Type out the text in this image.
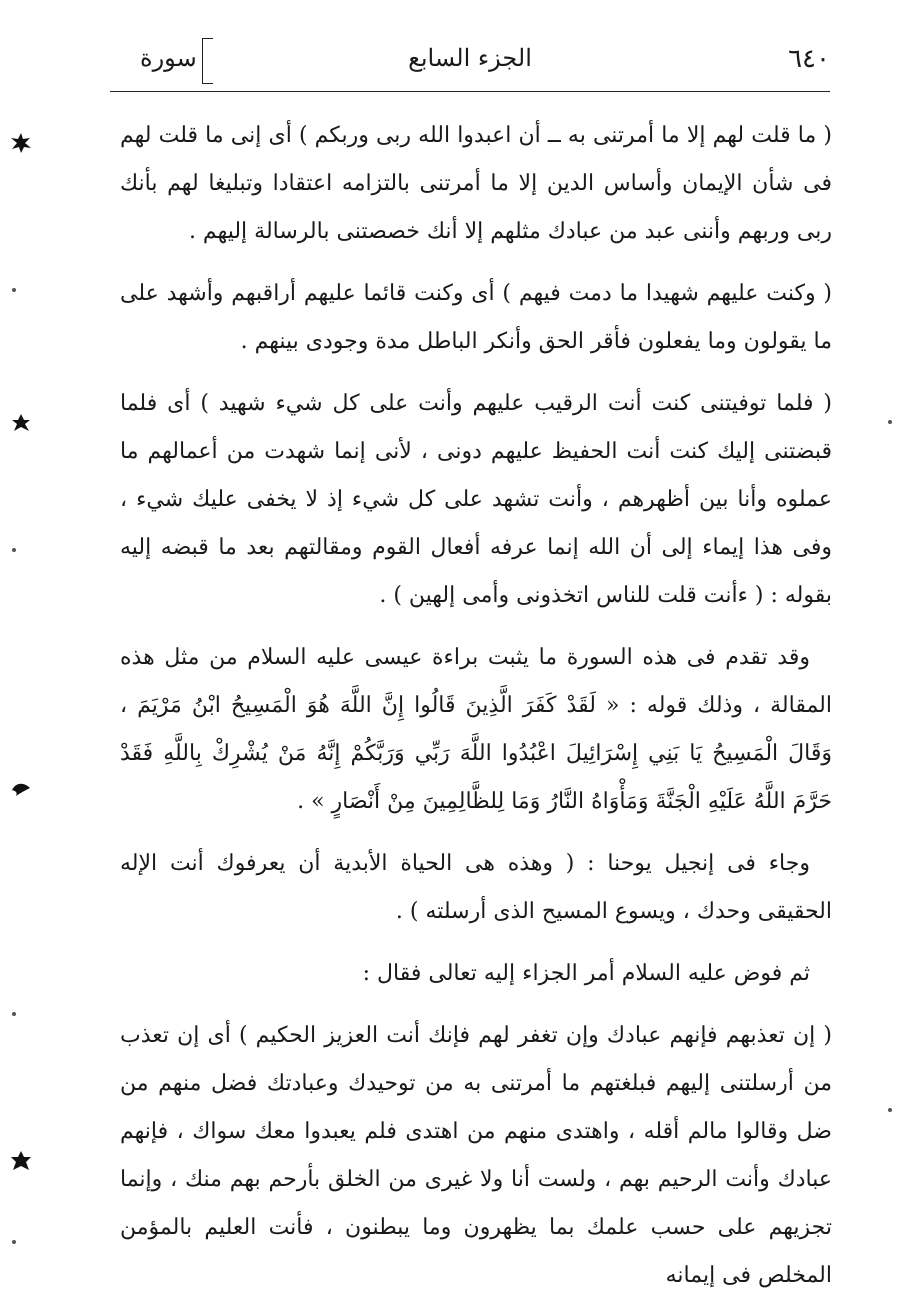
٦٤٠
الجزء السابع
سورة

( ما قلت لهم إلا ما أمرتنى به ــ أن اعبدوا الله ربى وربكم ) أى إنى ما قلت لهم فى شأن الإيمان وأساس الدين إلا ما أمرتنى بالتزامه اعتقادا وتبليغا لهم بأنك ربى وربهم وأننى عبد من عبادك مثلهم إلا أنك خصصتنى بالرسالة إليهم .

( وكنت عليهم شهيدا ما دمت فيهم ) أى وكنت قائما عليهم أراقبهم وأشهد على ما يقولون وما يفعلون فأقر الحق وأنكر الباطل مدة وجودى بينهم .

( فلما توفيتنى كنت أنت الرقيب عليهم وأنت على كل شيء شهيد ) أى فلما قبضتنى إليك كنت أنت الحفيظ عليهم دونى ، لأنى إنما شهدت من أعمالهم ما عملوه وأنا بين أظهرهم ، وأنت تشهد على كل شيء إذ لا يخفى عليك شيء ، وفى هذا إيماء إلى أن الله إنما عرفه أفعال القوم ومقالتهم بعد ما قبضه إليه بقوله : ( ءأنت قلت للناس اتخذونى وأمى إلهين ) .

وقد تقدم فى هذه السورة ما يثبت براءة عيسى عليه السلام من مثل هذه المقالة ، وذلك قوله : « لَقَدْ كَفَرَ الَّذِينَ قَالُوا إِنَّ اللَّهَ هُوَ الْمَسِيحُ ابْنُ مَرْيَمَ ، وَقَالَ الْمَسِيحُ يَا بَنِي إِسْرَائِيلَ اعْبُدُوا اللَّهَ رَبِّي وَرَبَّكُمْ إِنَّهُ مَنْ يُشْرِكْ بِاللَّهِ فَقَدْ حَرَّمَ اللَّهُ عَلَيْهِ الْجَنَّةَ وَمَأْوَاهُ النَّارُ وَمَا لِلظَّالِمِينَ مِنْ أَنْصَارٍ » .

وجاء فى إنجيل يوحنا : ( وهذه هى الحياة الأبدية أن يعرفوك أنت الإله الحقيقى وحدك ، ويسوع المسيح الذى أرسلته ) .

ثم فوض عليه السلام أمر الجزاء إليه تعالى فقال :

( إن تعذبهم فإنهم عبادك وإن تغفر لهم فإنك أنت العزيز الحكيم ) أى إن تعذب من أرسلتنى إليهم فبلغتهم ما أمرتنى به من توحيدك وعبادتك فضل منهم من ضل وقالوا مالم أقله ، واهتدى منهم من اهتدى فلم يعبدوا معك سواك ، فإنهم عبادك وأنت الرحيم بهم ، ولست أنا ولا غيرى من الخلق بأرحم بهم منك ، وإنما تجزيهم على حسب علمك بما يظهرون وما يبطنون ، فأنت العليم بالمؤمن المخلص فى إيمانه
